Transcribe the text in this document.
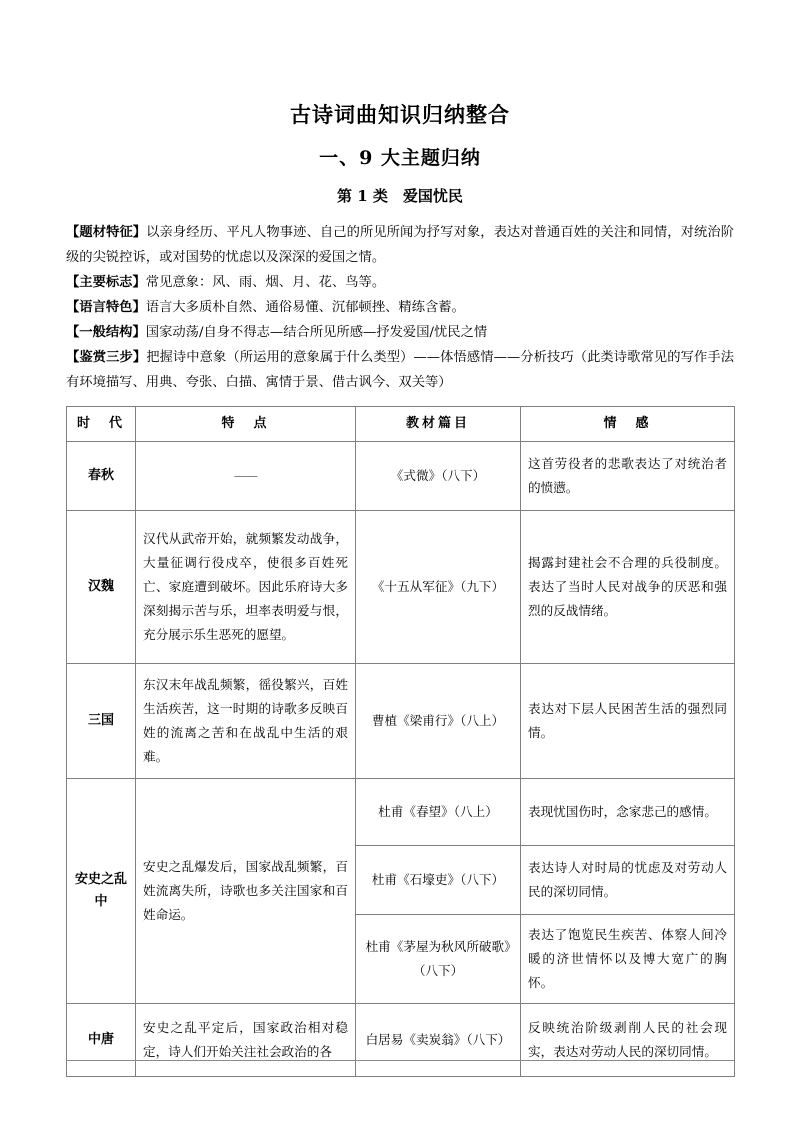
古诗词曲知识归纳整合
一、9 大主题归纳
第 1 类　爱国忧民

【题材特征】以亲身经历、平凡人物事迹、自己的所见所闻为抒写对象，表达对普通百姓的关注和同情，对统治阶级的尖锐控诉，或对国势的忧虑以及深深的爱国之情。

【主要标志】常见意象：风、雨、烟、月、花、鸟等。

【语言特色】语言大多质朴自然、通俗易懂、沉郁顿挫、精练含蓄。

【一般结构】国家动荡/自身不得志—结合所见所感—抒发爱国/忧民之情

【鉴赏三步】把握诗中意象（所运用的意象属于什么类型）——体悟感情——分析技巧（此类诗歌常见的写作手法有环境描写、用典、夸张、白描、寓情于景、借古讽今、双关等）

时　代	特　点	教材篇目	情　感
春秋	——	《式微》（八下）	这首劳役者的悲歌表达了对统治者的愤懑。
汉魏	汉代从武帝开始，就频繁发动战争，大量征调行役戍卒，使很多百姓死亡、家庭遭到破坏。因此乐府诗大多深刻揭示苦与乐，坦率表明爱与恨，充分展示乐生恶死的愿望。	《十五从军征》（九下）	揭露封建社会不合理的兵役制度。表达了当时人民对战争的厌恶和强烈的反战情绪。
三国	东汉末年战乱频繁，徭役繁兴，百姓生活疾苦，这一时期的诗歌多反映百姓的流离之苦和在战乱中生活的艰难。	曹植《梁甫行》（八上）	表达对下层人民困苦生活的强烈同情。
安史之乱中	安史之乱爆发后，国家战乱频繁，百姓流离失所，诗歌也多关注国家和百姓命运。	杜甫《春望》（八上）	表现忧国伤时，念家悲己的感情。
		杜甫《石壕吏》（八下）	表达诗人对时局的忧虑及对劳动人民的深切同情。
		杜甫《茅屋为秋风所破歌》（八下）	表达了饱览民生疾苦、体察人间冷暖的济世情怀以及博大宽广的胸怀。
中唐	安史之乱平定后，国家政治相对稳定，诗人们开始关注社会政治的各	白居易《卖炭翁》（八下）	反映统治阶级剥削人民的社会现实，表达对劳动人民的深切同情。
